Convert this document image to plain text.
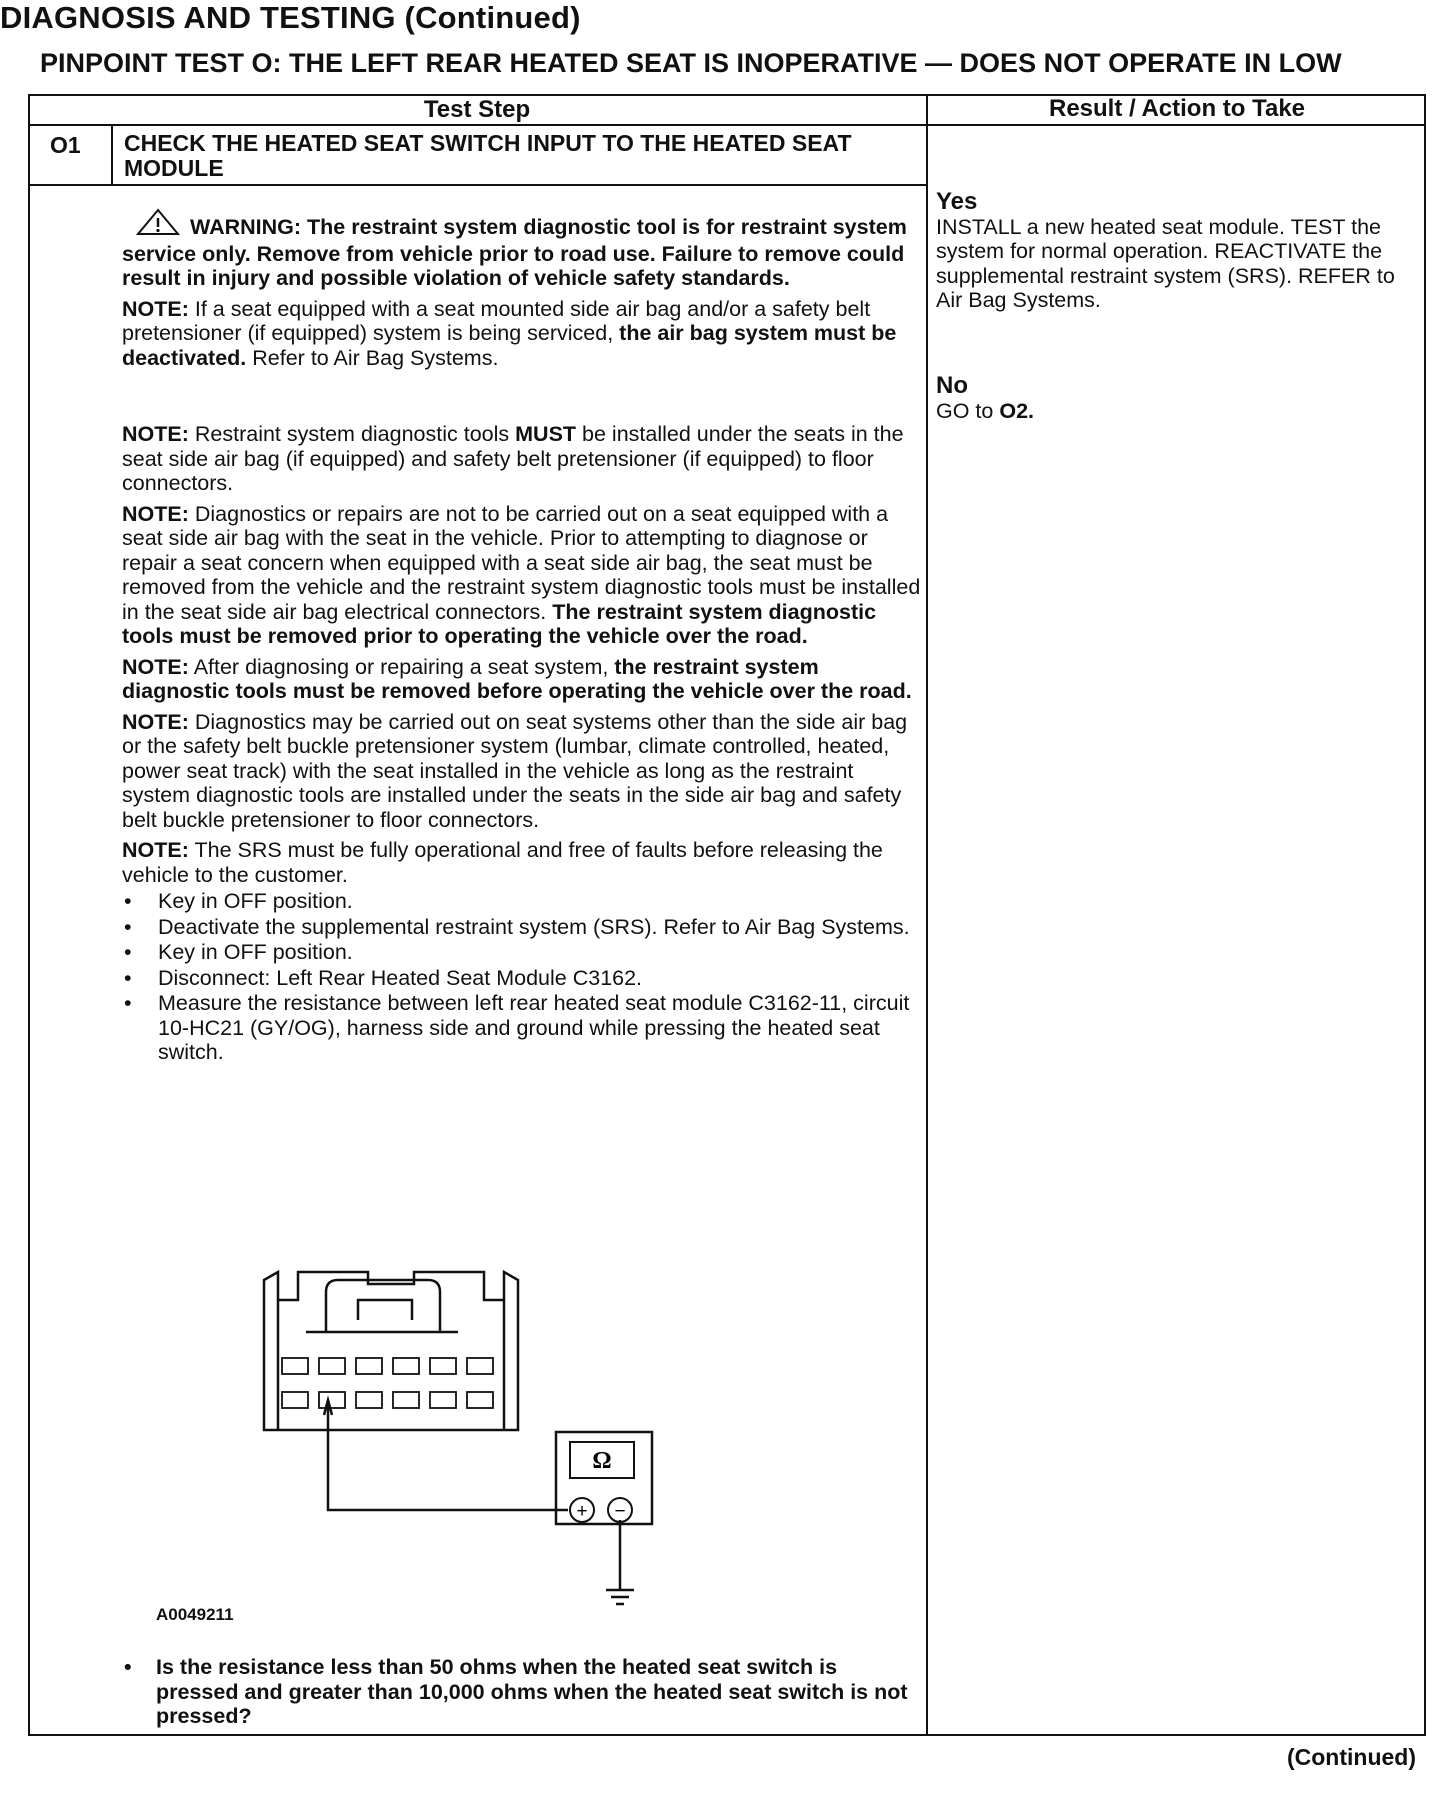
DIAGNOSIS AND TESTING (Continued)
PINPOINT TEST O: THE LEFT REAR HEATED SEAT IS INOPERATIVE — DOES NOT OPERATE IN LOW
Test Step	Result / Action to Take
O1 CHECK THE HEATED SEAT SWITCH INPUT TO THE HEATED SEAT MODULE

WARNING: The restraint system diagnostic tool is for restraint system service only. Remove from vehicle prior to road use. Failure to remove could result in injury and possible violation of vehicle safety standards.

NOTE: If a seat equipped with a seat mounted side air bag and/or a safety belt pretensioner (if equipped) system is being serviced, the air bag system must be deactivated. Refer to Air Bag Systems.

NOTE: Restraint system diagnostic tools MUST be installed under the seats in the seat side air bag (if equipped) and safety belt pretensioner (if equipped) to floor connectors.

NOTE: Diagnostics or repairs are not to be carried out on a seat equipped with a seat side air bag with the seat in the vehicle. Prior to attempting to diagnose or repair a seat concern when equipped with a seat side air bag, the seat must be removed from the vehicle and the restraint system diagnostic tools must be installed in the seat side air bag electrical connectors. The restraint system diagnostic tools must be removed prior to operating the vehicle over the road.

NOTE: After diagnosing or repairing a seat system, the restraint system diagnostic tools must be removed before operating the vehicle over the road.

NOTE: Diagnostics may be carried out on seat systems other than the side air bag or the safety belt buckle pretensioner system (lumbar, climate controlled, heated, power seat track) with the seat installed in the vehicle as long as the restraint system diagnostic tools are installed under the seats in the side air bag and safety belt buckle pretensioner to floor connectors.

NOTE: The SRS must be fully operational and free of faults before releasing the vehicle to the customer.

• Key in OFF position.
• Deactivate the supplemental restraint system (SRS). Refer to Air Bag Systems.
• Key in OFF position.
• Disconnect: Left Rear Heated Seat Module C3162.
• Measure the resistance between left rear heated seat module C3162-11, circuit 10-HC21 (GY/OG), harness side and ground while pressing the heated seat switch.
Ω
+ −
A0049211
• Is the resistance less than 50 ohms when the heated seat switch is pressed and greater than 10,000 ohms when the heated seat switch is not pressed?
Yes
INSTALL a new heated seat module. TEST the system for normal operation. REACTIVATE the supplemental restraint system (SRS). REFER to Air Bag Systems.
No
GO to O2.
(Continued)
